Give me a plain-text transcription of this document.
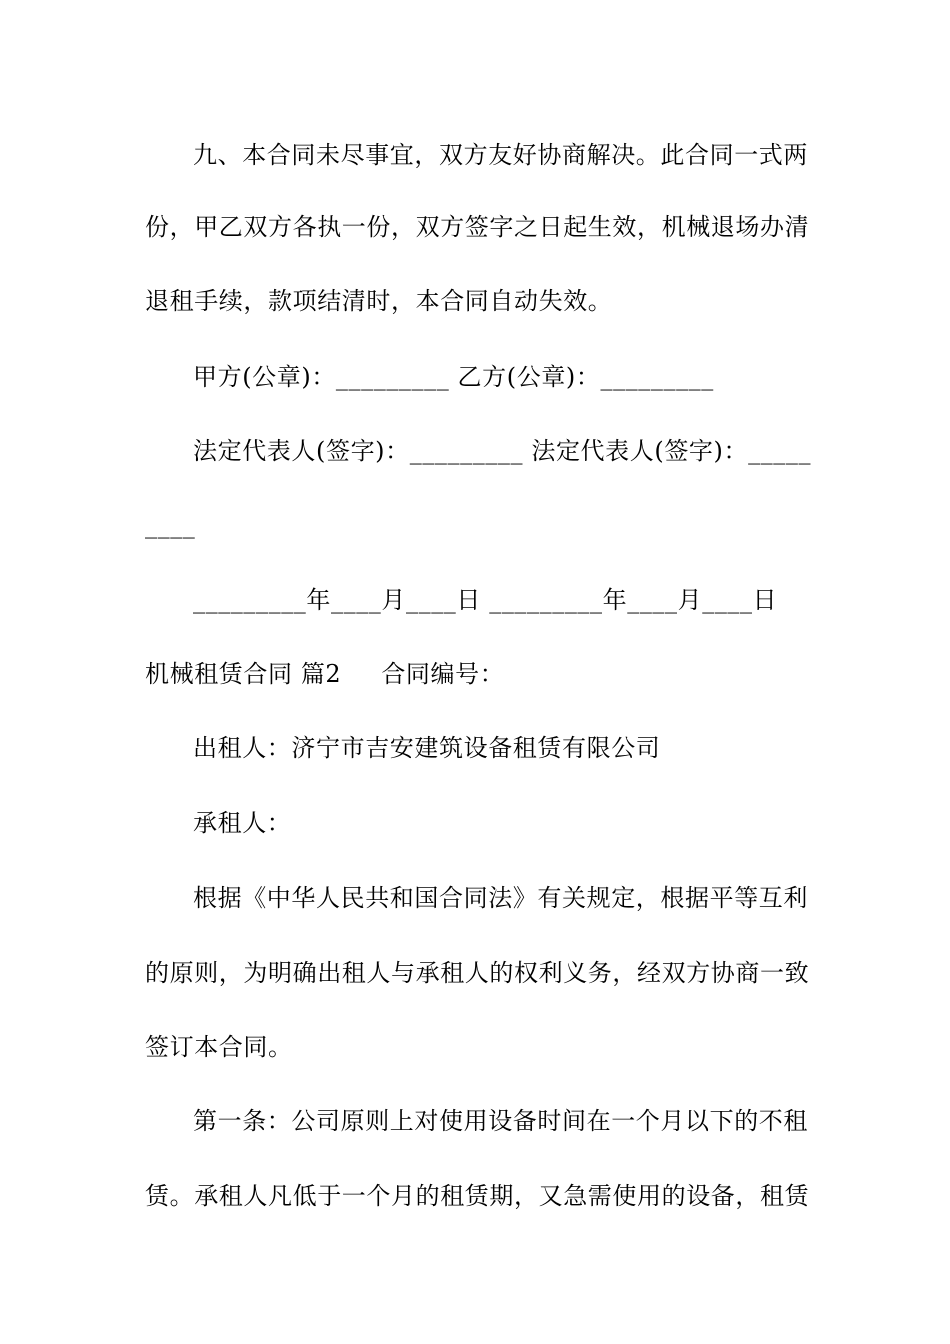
九、本合同未尽事宜，双方友好协商解决。此合同一式两
份，甲乙双方各执一份，双方签字之日起生效，机械退场办清
退租手续，款项结清时，本合同自动失效。
甲方(公章)：_________ 乙方(公章)：_________
法定代表人(签字)：_________ 法定代表人(签字)：_____
____
_________年____月____日 _________年____月____日
机械租赁合同 篇2 合同编号：
出租人：济宁市吉安建筑设备租赁有限公司
承租人：
根据《中华人民共和国合同法》有关规定，根据平等互利
的原则，为明确出租人与承租人的权利义务，经双方协商一致
签订本合同。
第一条：公司原则上对使用设备时间在一个月以下的不租
赁。承租人凡低于一个月的租赁期，又急需使用的设备，租赁
